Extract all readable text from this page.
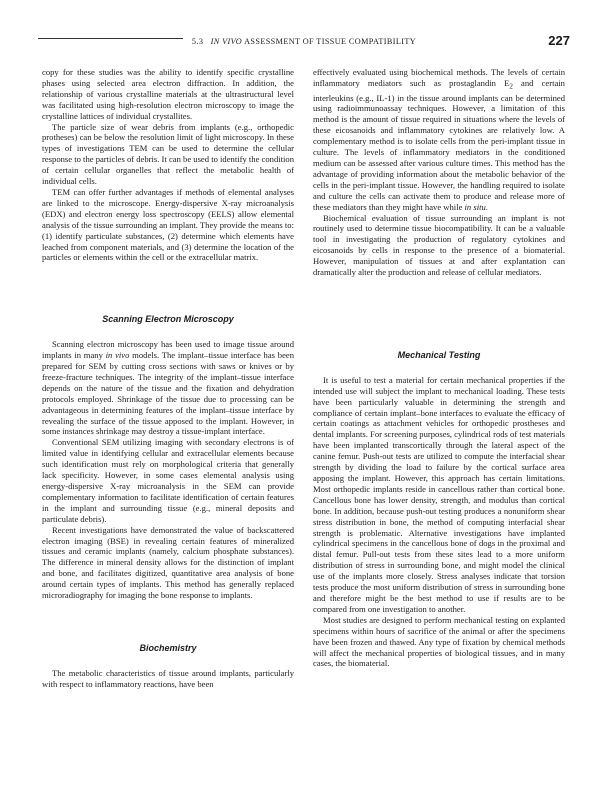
5.3 IN VIVO ASSESSMENT OF TISSUE COMPATIBILITY	227

copy for these studies was the ability to identify specific crystalline phases using selected area electron diffraction. In addition, the relationship of various crystalline materials at the ultrastructural level was facilitated using high-resolution electron microscopy to image the crystalline lattices of individual crystallites.

The particle size of wear debris from implants (e.g., orthopedic protheses) can be below the resolution limit of light microscopy. In these types of investigations TEM can be used to determine the cellular response to the particles of debris. It can be used to identify the condition of certain cellular organelles that reflect the metabolic health of individual cells.

TEM can offer further advantages if methods of elemental analyses are linked to the microscope. Energy-dispersive X-ray microanalysis (EDX) and electron energy loss spectroscopy (EELS) allow elemental analysis of the tissue surrounding an implant. They provide the means to: (1) identify particulate substances, (2) determine which elements have leached from component materials, and (3) determine the location of the particles or elements within the cell or the extracellular matrix.

Scanning Electron Microscopy

Scanning electron microscopy has been used to image tissue around implants in many in vivo models. The implant–tissue interface has been prepared for SEM by cutting cross sections with saws or knives or by freeze-fracture techniques. The integrity of the implant–tissue interface depends on the nature of the tissue and the fixation and dehydration protocols employed. Shrinkage of the tissue due to processing can be advantageous in determining features of the implant–tissue interface by revealing the surface of the tissue apposed to the implant. However, in some instances shrinkage may destroy a tissue-implant interface.

Conventional SEM utilizing imaging with secondary electrons is of limited value in identifying cellular and extracellular elements because such identification must rely on morphological criteria that generally lack specificity. However, in some cases elemental analysis using energy-dispersive X-ray microanalysis in the SEM can provide complementary information to facilitate identification of certain features in the implant and surrounding tissue (e.g., mineral deposits and particulate debris).

Recent investigations have demonstrated the value of backscattered electron imaging (BSE) in revealing certain features of mineralized tissues and ceramic implants (namely, calcium phosphate substances). The difference in mineral density allows for the distinction of implant and bone, and facilitates digitized, quantitative area analysis of bone around certain types of implants. This method has generally replaced microradiography for imaging the bone response to implants.

Biochemistry

The metabolic characteristics of tissue around implants, particularly with respect to inflammatory reactions, have been

effectively evaluated using biochemical methods. The levels of certain inflammatory mediators such as prostaglandin $E_2$ and certain interleukins (e.g., IL-1) in the tissue around implants can be determined using radioimmunoassay techniques. However, a limitation of this method is the amount of tissue required in situations where the levels of these eicosanoids and inflammatory cytokines are relatively low. A complementary method is to isolate cells from the peri-implant tissue in culture. The levels of inflammatory mediators in the conditioned medium can be assessed after various culture times. This method has the advantage of providing information about the metabolic behavior of the cells in the peri-implant tissue. However, the handling required to isolate and culture the cells can activate them to produce and release more of these mediators than they might have while in situ.

Biochemical evaluation of tissue surrounding an implant is not routinely used to determine tissue biocompatibility. It can be a valuable tool in investigating the production of regulatory cytokines and eicosanoids by cells in response to the presence of a biomaterial. However, manipulation of tissues at and after explantation can dramatically alter the production and release of cellular mediators.

Mechanical Testing

It is useful to test a material for certain mechanical properties if the intended use will subject the implant to mechanical loading. These tests have been particularly valuable in determining the strength and compliance of certain implant–bone interfaces to evaluate the efficacy of certain coatings as attachment vehicles for orthopedic prostheses and dental implants. For screening purposes, cylindrical rods of test materials have been implanted transcortically through the lateral aspect of the canine femur. Push-out tests are utilized to compute the interfacial shear strength by dividing the load to failure by the cortical surface area apposing the implant. However, this approach has certain limitations. Most orthopedic implants reside in cancellous rather than cortical bone. Cancellous bone has lower density, strength, and modulus than cortical bone. In addition, because push-out testing produces a nonuniform shear stress distribution in bone, the method of computing interfacial shear strength is problematic. Alternative investigations have implanted cylindrical specimens in the cancellous bone of dogs in the proximal and distal femur. Pull-out tests from these sites lead to a more uniform distribution of stress in surrounding bone, and might model the clinical use of the implants more closely. Stress analyses indicate that torsion tests produce the most uniform distribution of stress in surrounding bone and therefore might be the best method to use if results are to be compared from one investigation to another.

Most studies are designed to perform mechanical testing on explanted specimens within hours of sacrifice of the animal or after the specimens have been frozen and thawed. Any type of fixation by chemical methods will affect the mechanical properties of biological tissues, and in many cases, the biomaterial.
